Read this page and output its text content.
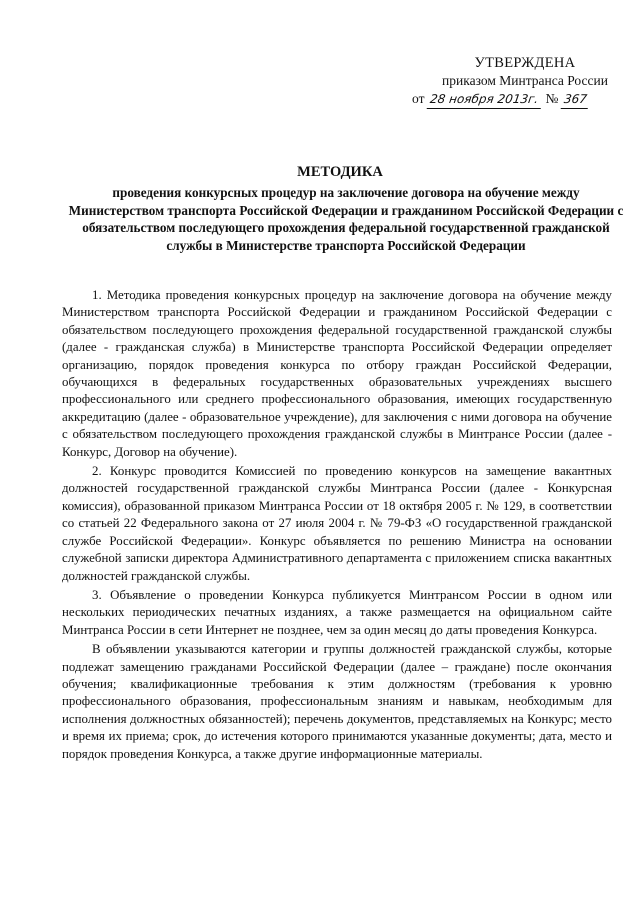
УТВЕРЖДЕНА
приказом Минтранса России
от 28 ноября 2013г. № 367
МЕТОДИКА
проведения конкурсных процедур на заключение договора на обучение между Министерством транспорта Российской Федерации и гражданином Российской Федерации с обязательством последующего прохождения федеральной государственной гражданской службы в Министерстве транспорта Российской Федерации

1. Методика проведения конкурсных процедур на заключение договора на обучение между Министерством транспорта Российской Федерации и гражданином Российской Федерации с обязательством последующего прохождения федеральной государственной гражданской службы (далее - гражданская служба) в Министерстве транспорта Российской Федерации определяет организацию, порядок проведения конкурса по отбору граждан Российской Федерации, обучающихся в федеральных государственных образовательных учреждениях высшего профессионального или среднего профессионального образования, имеющих государственную аккредитацию (далее - образовательное учреждение), для заключения с ними договора на обучение с обязательством последующего прохождения гражданской службы в Минтрансе России (далее - Конкурс, Договор на обучение).

2. Конкурс проводится Комиссией по проведению конкурсов на замещение вакантных должностей государственной гражданской службы Минтранса России (далее - Конкурсная комиссия), образованной приказом Минтранса России от 18 октября 2005 г. № 129, в соответствии со статьей 22 Федерального закона от 27 июля 2004 г. № 79-ФЗ «О государственной гражданской службе Российской Федерации». Конкурс объявляется по решению Министра на основании служебной записки директора Административного департамента с приложением списка вакантных должностей гражданской службы.

3. Объявление о проведении Конкурса публикуется Минтрансом России в одном или нескольких периодических печатных изданиях, а также размещается на официальном сайте Минтранса России в сети Интернет не позднее, чем за один месяц до даты проведения Конкурса.

В объявлении указываются категории и группы должностей гражданской службы, которые подлежат замещению гражданами Российской Федерации (далее – граждане) после окончания обучения; квалификационные требования к этим должностям (требования к уровню профессионального образования, профессиональным знаниям и навыкам, необходимым для исполнения должностных обязанностей); перечень документов, представляемых на Конкурс; место и время их приема; срок, до истечения которого принимаются указанные документы; дата, место и порядок проведения Конкурса, а также другие информационные материалы.
